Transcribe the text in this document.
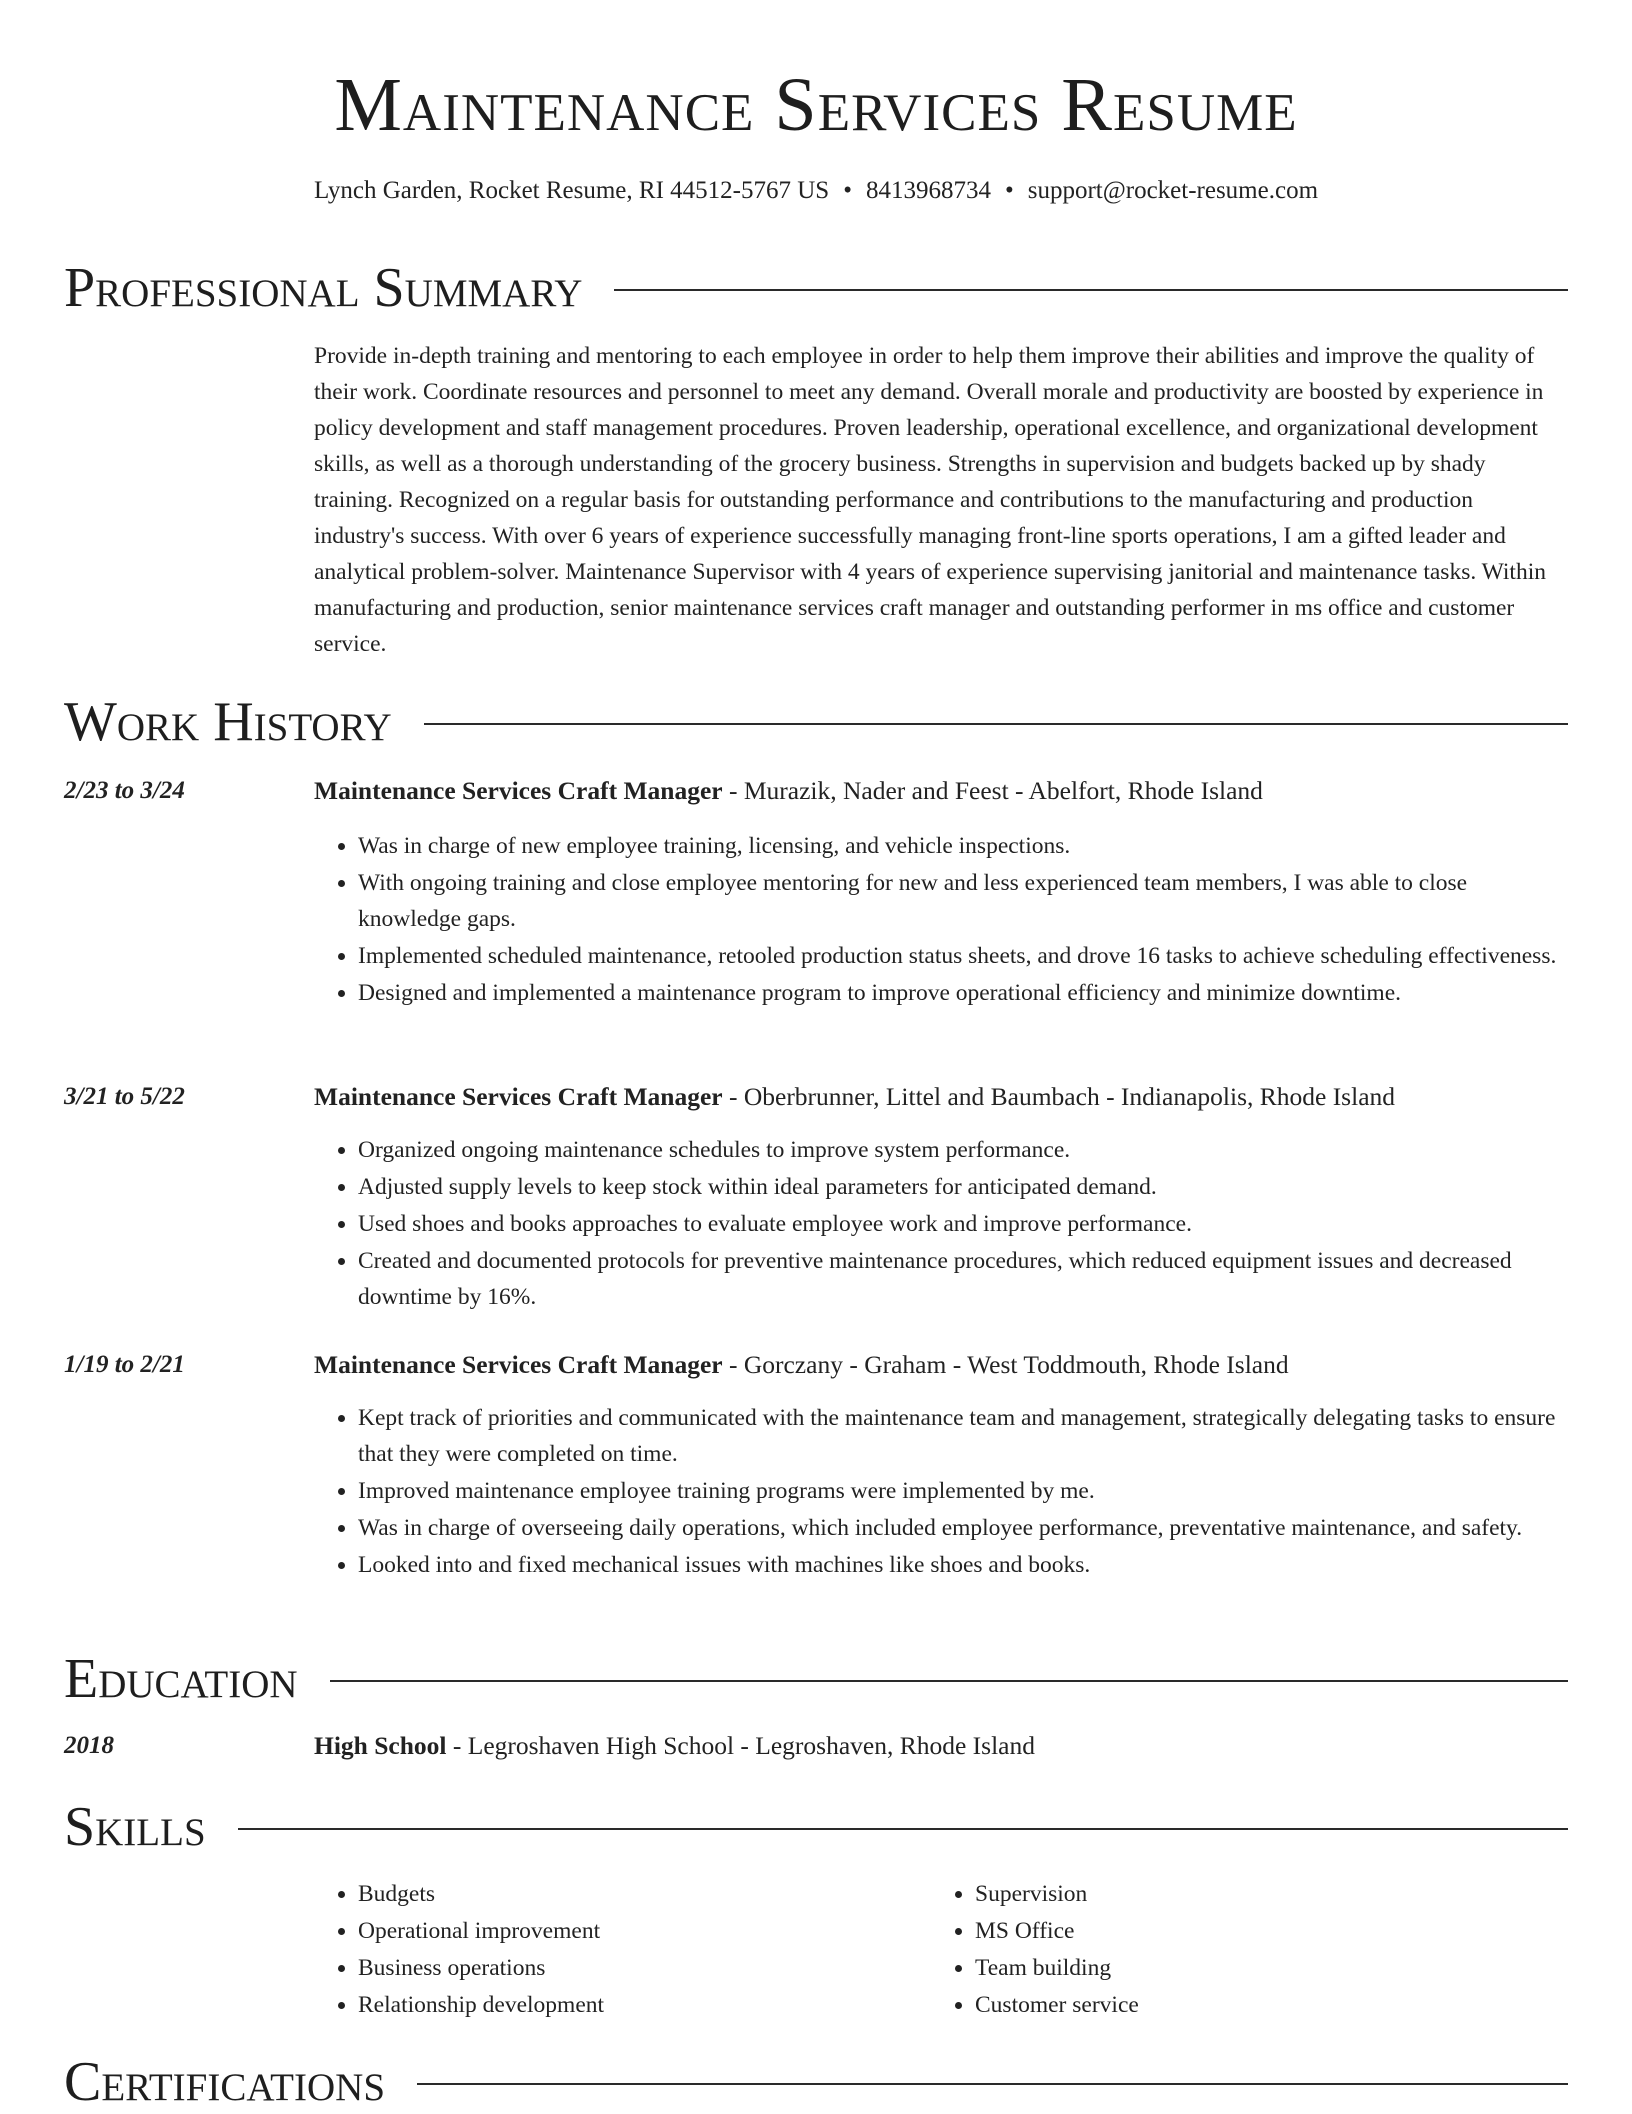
Maintenance Services Resume
Lynch Garden, Rocket Resume, RI 44512-5767 US • 8413968734 • support@rocket-resume.com
Professional Summary
Provide in-depth training and mentoring to each employee in order to help them improve their abilities and improve the quality of their work. Coordinate resources and personnel to meet any demand. Overall morale and productivity are boosted by experience in policy development and staff management procedures. Proven leadership, operational excellence, and organizational development skills, as well as a thorough understanding of the grocery business. Strengths in supervision and budgets backed up by shady training. Recognized on a regular basis for outstanding performance and contributions to the manufacturing and production industry's success. With over 6 years of experience successfully managing front-line sports operations, I am a gifted leader and analytical problem-solver. Maintenance Supervisor with 4 years of experience supervising janitorial and maintenance tasks. Within manufacturing and production, senior maintenance services craft manager and outstanding performer in ms office and customer service.
Work History
2/23 to 3/24	Maintenance Services Craft Manager - Murazik, Nader and Feest - Abelfort, Rhode Island
• Was in charge of new employee training, licensing, and vehicle inspections.
• With ongoing training and close employee mentoring for new and less experienced team members, I was able to close knowledge gaps.
• Implemented scheduled maintenance, retooled production status sheets, and drove 16 tasks to achieve scheduling effectiveness.
• Designed and implemented a maintenance program to improve operational efficiency and minimize downtime.
3/21 to 5/22	Maintenance Services Craft Manager - Oberbrunner, Littel and Baumbach - Indianapolis, Rhode Island
• Organized ongoing maintenance schedules to improve system performance.
• Adjusted supply levels to keep stock within ideal parameters for anticipated demand.
• Used shoes and books approaches to evaluate employee work and improve performance.
• Created and documented protocols for preventive maintenance procedures, which reduced equipment issues and decreased downtime by 16%.
1/19 to 2/21	Maintenance Services Craft Manager - Gorczany - Graham - West Toddmouth, Rhode Island
• Kept track of priorities and communicated with the maintenance team and management, strategically delegating tasks to ensure that they were completed on time.
• Improved maintenance employee training programs were implemented by me.
• Was in charge of overseeing daily operations, which included employee performance, preventative maintenance, and safety.
• Looked into and fixed mechanical issues with machines like shoes and books.
Education
2018	High School - Legroshaven High School - Legroshaven, Rhode Island
Skills
• Budgets
• Operational improvement
• Business operations
• Relationship development
• Supervision
• MS Office
• Team building
• Customer service
Certifications
